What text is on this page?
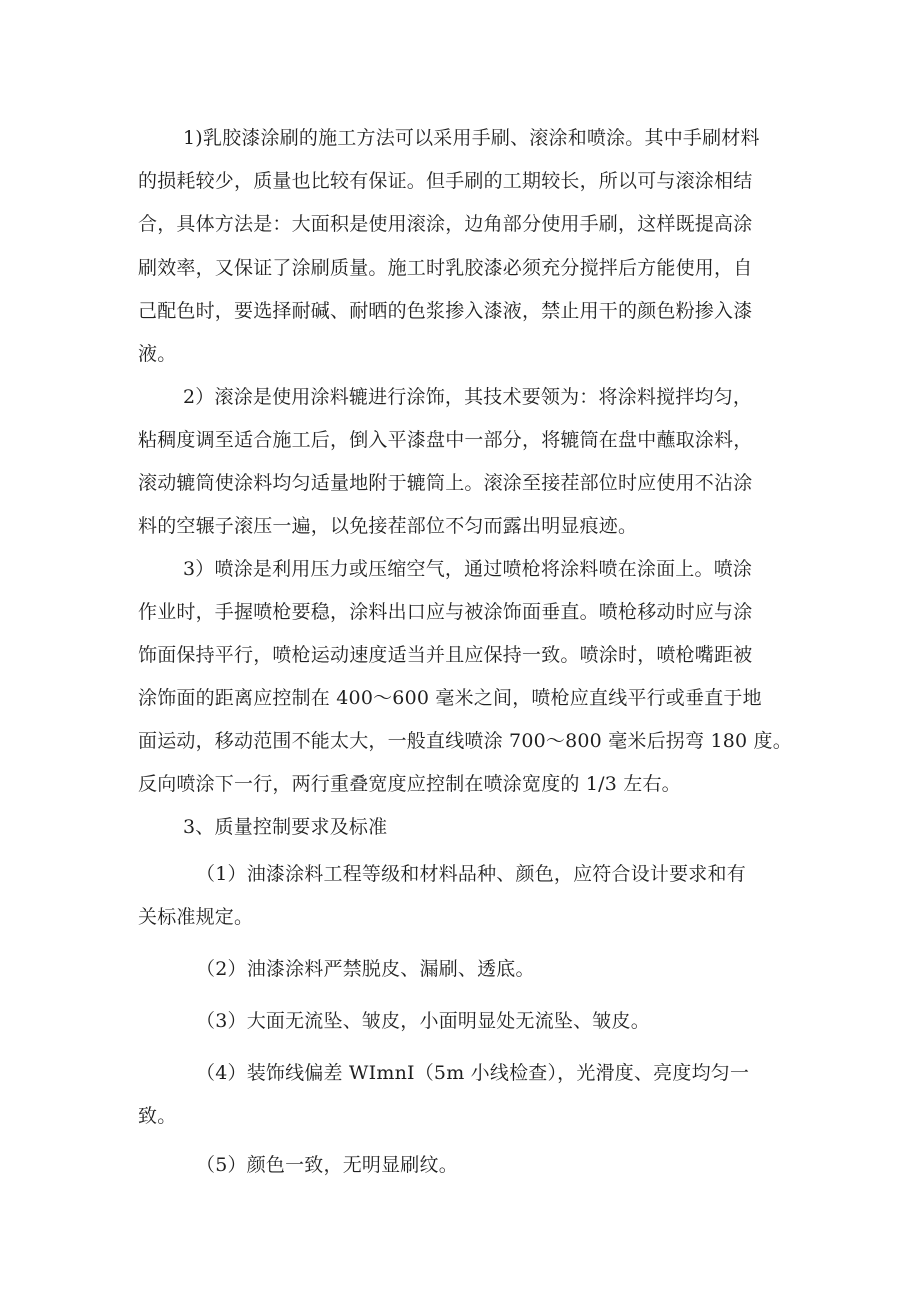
1)乳胶漆涂刷的施工方法可以采用手刷、滚涂和喷涂。其中手刷材料
的损耗较少，质量也比较有保证。但手刷的工期较长，所以可与滚涂相结
合，具体方法是：大面积是使用滚涂，边角部分使用手刷，这样既提高涂
刷效率，又保证了涂刷质量。施工时乳胶漆必须充分搅拌后方能使用，自
己配色时，要选择耐碱、耐晒的色浆掺入漆液，禁止用干的颜色粉掺入漆
液。
2）滚涂是使用涂料辘进行涂饰，其技术要领为：将涂料搅拌均匀，
粘稠度调至适合施工后，倒入平漆盘中一部分，将辘筒在盘中蘸取涂料，
滚动辘筒使涂料均匀适量地附于辘筒上。滚涂至接茬部位时应使用不沾涂
料的空辗子滚压一遍，以免接茬部位不匀而露出明显痕迹。
3）喷涂是利用压力或压缩空气，通过喷枪将涂料喷在涂面上。喷涂
作业时，手握喷枪要稳，涂料出口应与被涂饰面垂直。喷枪移动时应与涂
饰面保持平行，喷枪运动速度适当并且应保持一致。喷涂时，喷枪嘴距被
涂饰面的距离应控制在 400～600 毫米之间，喷枪应直线平行或垂直于地
面运动，移动范围不能太大，一般直线喷涂 700～800 毫米后拐弯 180 度。
反向喷涂下一行，两行重叠宽度应控制在喷涂宽度的 1/3 左右。
3、质量控制要求及标准
（1）油漆涂料工程等级和材料品种、颜色，应符合设计要求和有
关标准规定。
（2）油漆涂料严禁脱皮、漏刷、透底。
（3）大面无流坠、皱皮，小面明显处无流坠、皱皮。
（4）装饰线偏差 WImnI（5m 小线检查），光滑度、亮度均匀一
致。
（5）颜色一致，无明显刷纹。
